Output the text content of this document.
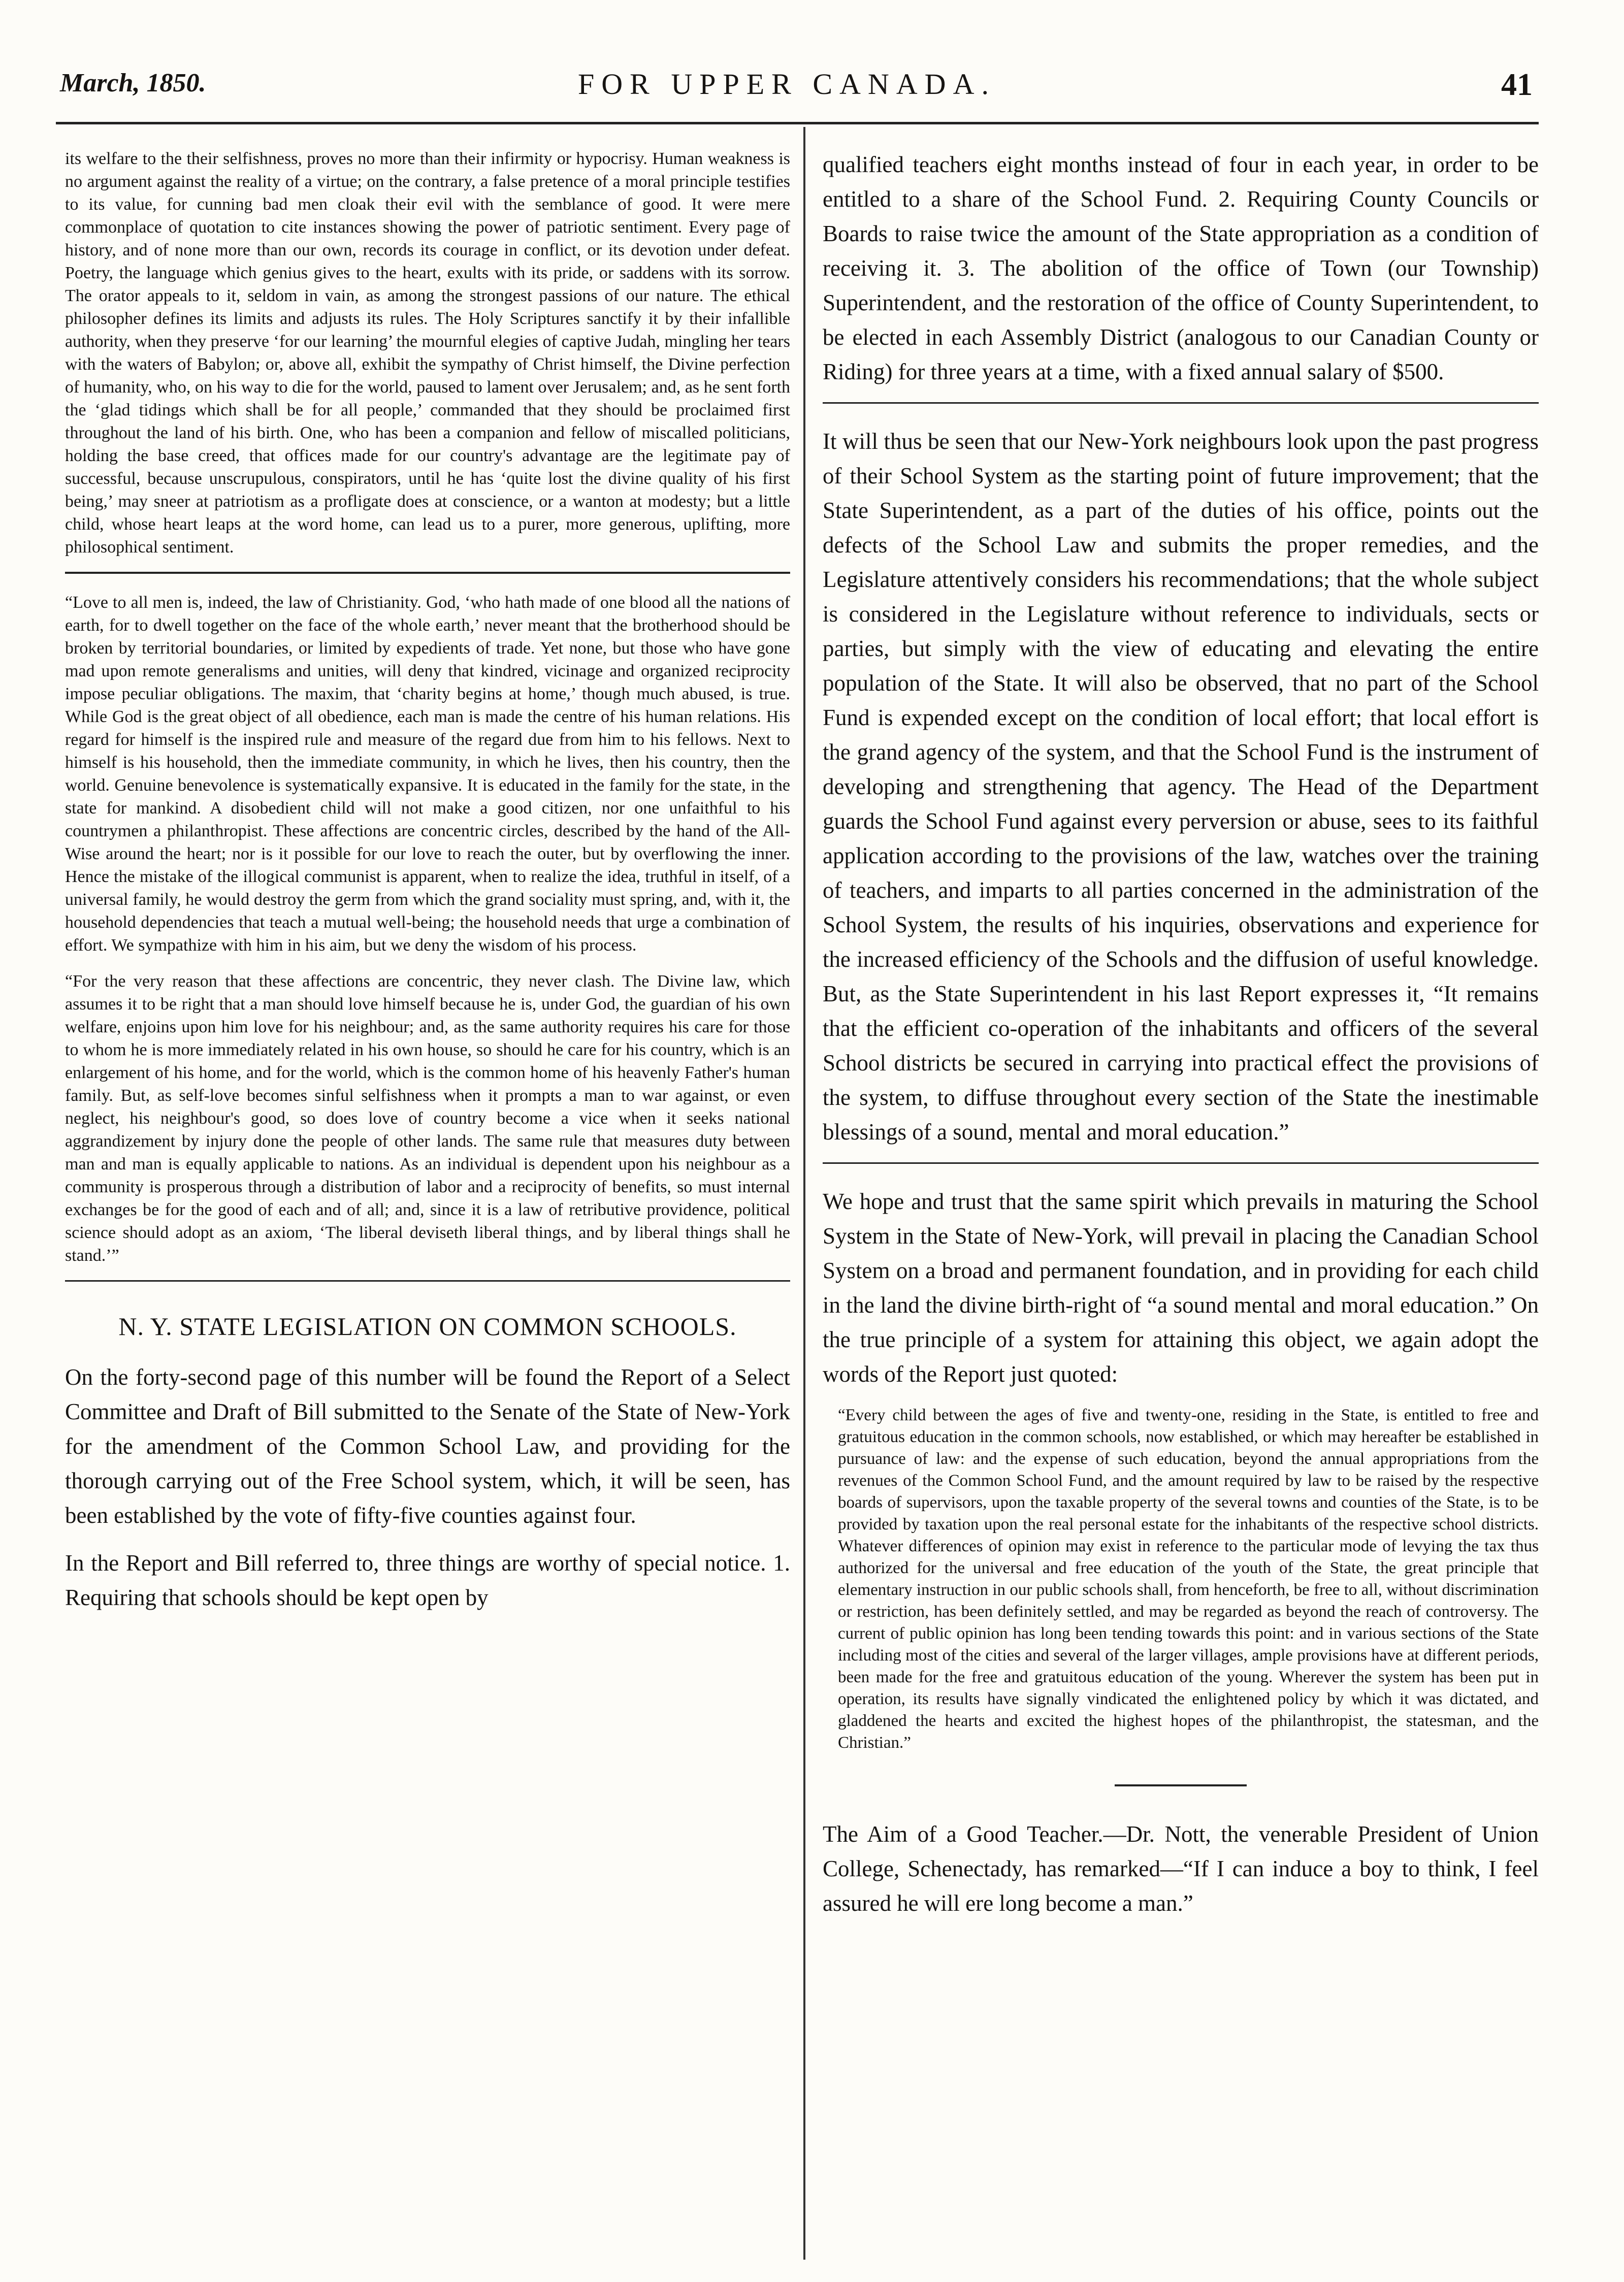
March, 1850.	FOR UPPER CANADA.	41

its welfare to the their selfishness, proves no more than their infirmity or hypocrisy. Human weakness is no argument against the reality of a virtue; on the contrary, a false pretence of a moral principle testifies to its value, for cunning bad men cloak their evil with the semblance of good. It were mere commonplace of quotation to cite instances showing the power of patriotic sentiment. Every page of history, and of none more than our own, records its courage in conflict, or its devotion under defeat. Poetry, the language which genius gives to the heart, exults with its pride, or saddens with its sorrow. The orator appeals to it, seldom in vain, as among the strongest passions of our nature. The ethical philosopher defines its limits and adjusts its rules. The Holy Scriptures sanctify it by their infallible authority, when they preserve ‘for our learning’ the mournful elegies of captive Judah, mingling her tears with the waters of Babylon; or, above all, exhibit the sympathy of Christ himself, the Divine perfection of humanity, who, on his way to die for the world, paused to lament over Jerusalem; and, as he sent forth the ‘glad tidings which shall be for all people,’ commanded that they should be proclaimed first throughout the land of his birth. One, who has been a companion and fellow of miscalled politicians, holding the base creed, that offices made for our country's advantage are the legitimate pay of successful, because unscrupulous, conspirators, until he has ‘quite lost the divine quality of his first being,’ may sneer at patriotism as a profligate does at conscience, or a wanton at modesty; but a little child, whose heart leaps at the word home, can lead us to a purer, more generous, uplifting, more philosophical sentiment.

“Love to all men is, indeed, the law of Christianity. God, ‘who hath made of one blood all the nations of earth, for to dwell together on the face of the whole earth,’ never meant that the brotherhood should be broken by territorial boundaries, or limited by expedients of trade. Yet none, but those who have gone mad upon remote generalisms and unities, will deny that kindred, vicinage and organized reciprocity impose peculiar obligations. The maxim, that ‘charity begins at home,’ though much abused, is true. While God is the great object of all obedience, each man is made the centre of his human relations. His regard for himself is the inspired rule and measure of the regard due from him to his fellows. Next to himself is his household, then the immediate community, in which he lives, then his country, then the world. Genuine benevolence is systematically expansive. It is educated in the family for the state, in the state for mankind. A disobedient child will not make a good citizen, nor one unfaithful to his countrymen a philanthropist. These affections are concentric circles, described by the hand of the All-Wise around the heart; nor is it possible for our love to reach the outer, but by overflowing the inner. Hence the mistake of the illogical communist is apparent, when to realize the idea, truthful in itself, of a universal family, he would destroy the germ from which the grand sociality must spring, and, with it, the household dependencies that teach a mutual well-being; the household needs that urge a combination of effort. We sympathize with him in his aim, but we deny the wisdom of his process.

“For the very reason that these affections are concentric, they never clash. The Divine law, which assumes it to be right that a man should love himself because he is, under God, the guardian of his own welfare, enjoins upon him love for his neighbour; and, as the same authority requires his care for those to whom he is more immediately related in his own house, so should he care for his country, which is an enlargement of his home, and for the world, which is the common home of his heavenly Father's human family. But, as self-love becomes sinful selfishness when it prompts a man to war against, or even neglect, his neighbour's good, so does love of country become a vice when it seeks national aggrandizement by injury done the people of other lands. The same rule that measures duty between man and man is equally applicable to nations. As an individual is dependent upon his neighbour as a community is prosperous through a distribution of labor and a reciprocity of benefits, so must internal exchanges be for the good of each and of all; and, since it is a law of retributive providence, political science should adopt as an axiom, ‘The liberal deviseth liberal things, and by liberal things shall he stand.’”

N. Y. STATE LEGISLATION ON COMMON SCHOOLS.

On the forty-second page of this number will be found the Report of a Select Committee and Draft of Bill submitted to the Senate of the State of New-York for the amendment of the Common School Law, and providing for the thorough carrying out of the Free School system, which, it will be seen, has been established by the vote of fifty-five counties against four.

In the Report and Bill referred to, three things are worthy of special notice. 1. Requiring that schools should be kept open by

qualified teachers eight months instead of four in each year, in order to be entitled to a share of the School Fund. 2. Requiring County Councils or Boards to raise twice the amount of the State appropriation as a condition of receiving it. 3. The abolition of the office of Town (our Township) Superintendent, and the restoration of the office of County Superintendent, to be elected in each Assembly District (analogous to our Canadian County or Riding) for three years at a time, with a fixed annual salary of $500.

It will thus be seen that our New-York neighbours look upon the past progress of their School System as the starting point of future improvement; that the State Superintendent, as a part of the duties of his office, points out the defects of the School Law and submits the proper remedies, and the Legislature attentively considers his recommendations; that the whole subject is considered in the Legislature without reference to individuals, sects or parties, but simply with the view of educating and elevating the entire population of the State. It will also be observed, that no part of the School Fund is expended except on the condition of local effort; that local effort is the grand agency of the system, and that the School Fund is the instrument of developing and strengthening that agency. The Head of the Department guards the School Fund against every perversion or abuse, sees to its faithful application according to the provisions of the law, watches over the training of teachers, and imparts to all parties concerned in the administration of the School System, the results of his inquiries, observations and experience for the increased efficiency of the Schools and the diffusion of useful knowledge. But, as the State Superintendent in his last Report expresses it, “It remains that the efficient co-operation of the inhabitants and officers of the several School districts be secured in carrying into practical effect the provisions of the system, to diffuse throughout every section of the State the inestimable blessings of a sound, mental and moral education.”

We hope and trust that the same spirit which prevails in maturing the School System in the State of New-York, will prevail in placing the Canadian School System on a broad and permanent foundation, and in providing for each child in the land the divine birth-right of “a sound mental and moral education.” On the true principle of a system for attaining this object, we again adopt the words of the Report just quoted:

“Every child between the ages of five and twenty-one, residing in the State, is entitled to free and gratuitous education in the common schools, now established, or which may hereafter be established in pursuance of law: and the expense of such education, beyond the annual appropriations from the revenues of the Common School Fund, and the amount required by law to be raised by the respective boards of supervisors, upon the taxable property of the several towns and counties of the State, is to be provided by taxation upon the real personal estate for the inhabitants of the respective school districts. Whatever differences of opinion may exist in reference to the particular mode of levying the tax thus authorized for the universal and free education of the youth of the State, the great principle that elementary instruction in our public schools shall, from henceforth, be free to all, without discrimination or restriction, has been definitely settled, and may be regarded as beyond the reach of controversy. The current of public opinion has long been tending towards this point: and in various sections of the State including most of the cities and several of the larger villages, ample provisions have at different periods, been made for the free and gratuitous education of the young. Wherever the system has been put in operation, its results have signally vindicated the enlightened policy by which it was dictated, and gladdened the hearts and excited the highest hopes of the philanthropist, the statesman, and the Christian.”

The Aim of a Good Teacher.—Dr. Nott, the venerable President of Union College, Schenectady, has remarked—“If I can induce a boy to think, I feel assured he will ere long become a man.”
